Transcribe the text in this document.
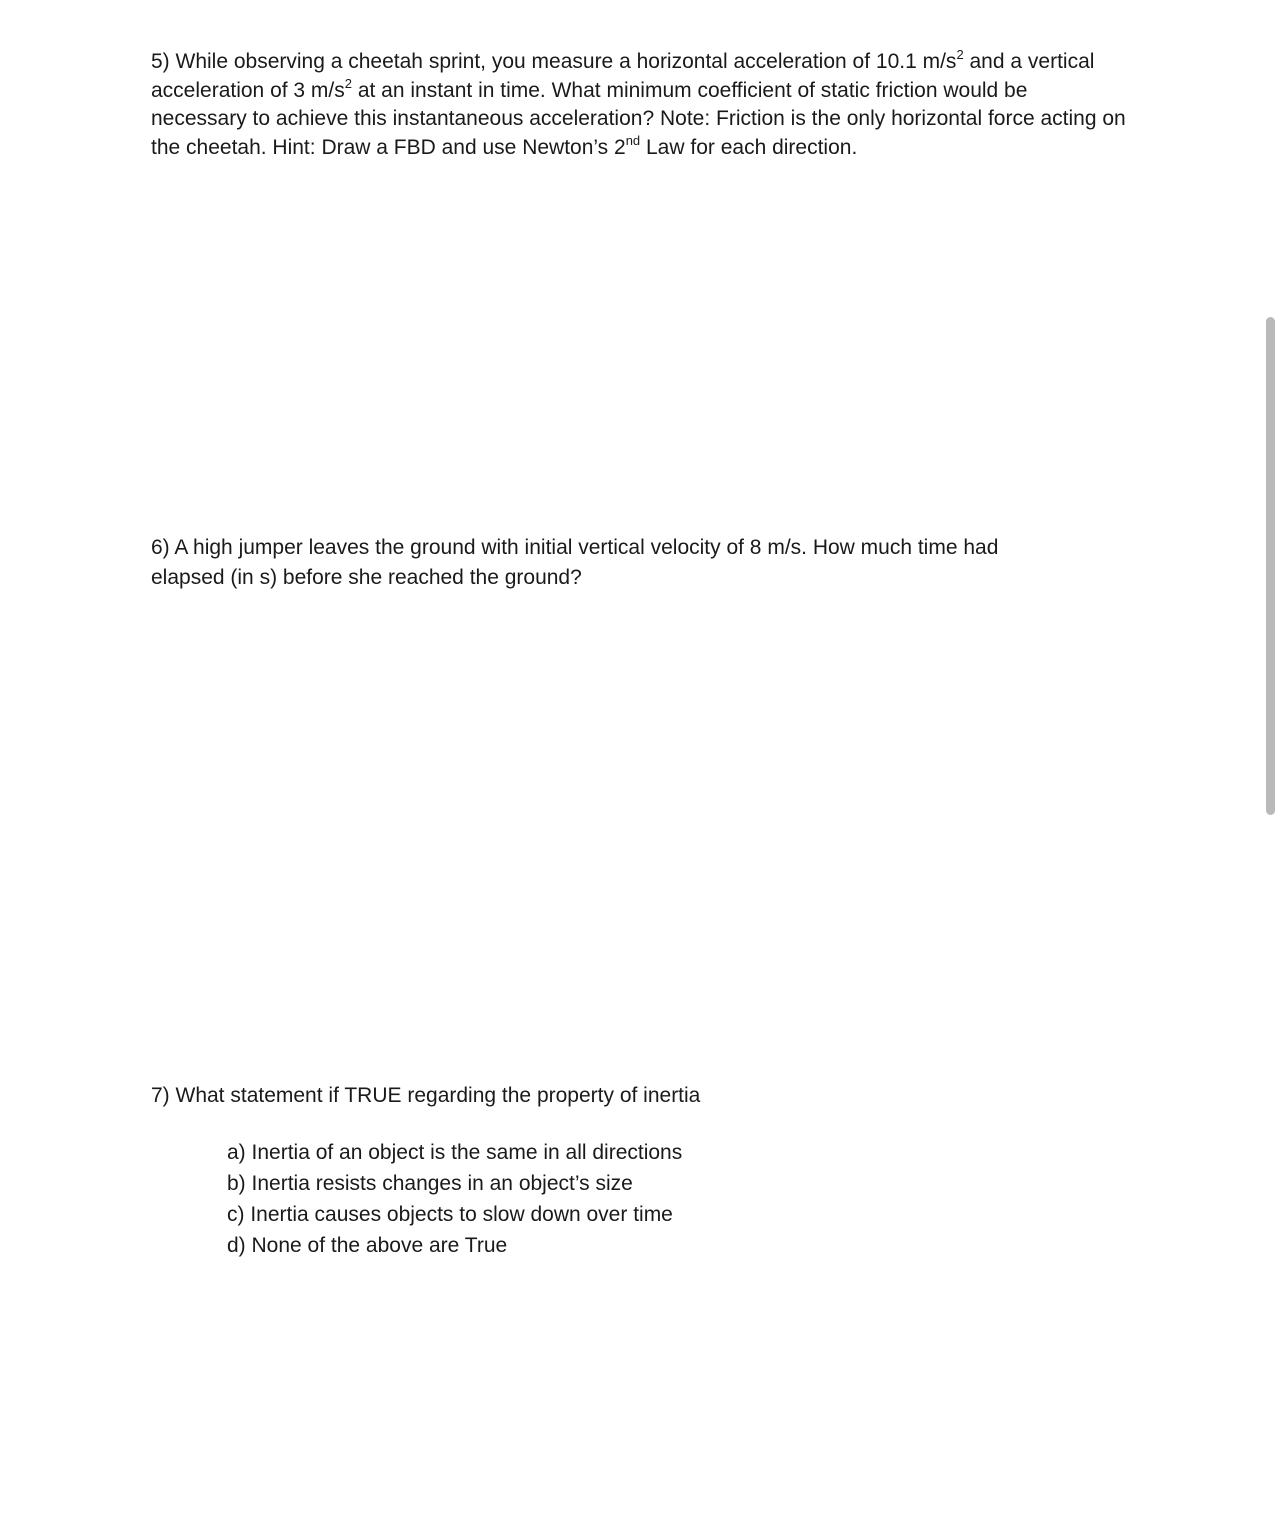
5) While observing a cheetah sprint, you measure a horizontal acceleration of 10.1 $m/s^2$ and a vertical acceleration of 3 $m/s^2$ at an instant in time. What minimum coefficient of static friction would be necessary to achieve this instantaneous acceleration? Note: Friction is the only horizontal force acting on the cheetah. Hint: Draw a FBD and use Newton’s 2nd Law for each direction.

6) A high jumper leaves the ground with initial vertical velocity of 8 m/s. How much time had
elapsed (in s) before she reached the ground?

7) What statement if TRUE regarding the property of inertia

a) Inertia of an object is the same in all directions
b) Inertia resists changes in an object’s size
c) Inertia causes objects to slow down over time
d) None of the above are True
